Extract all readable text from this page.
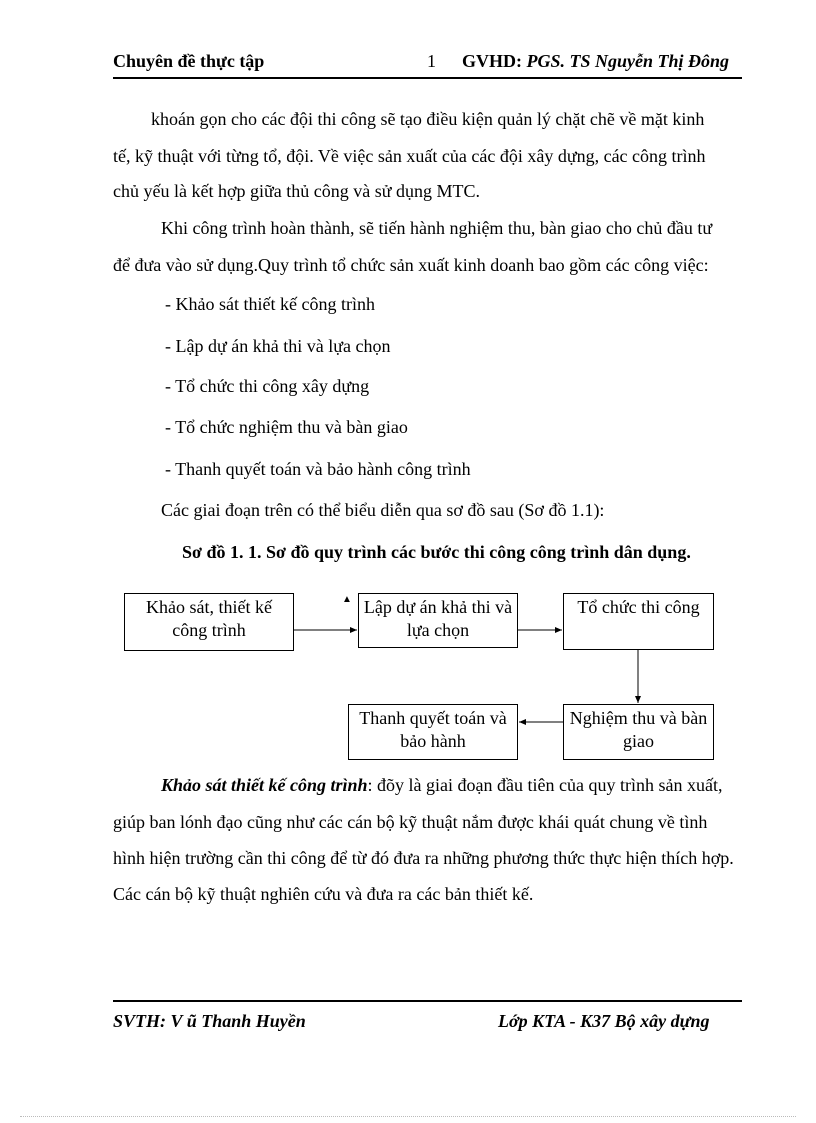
Chuyên đề thực tập	1 GVHD: PGS. TS Nguyễn Thị Đông
khoán gọn cho các đội thi công sẽ tạo điều kiện quản lý chặt chẽ về mặt kinh
tế, kỹ thuật với từng tổ, đội. Về việc sản xuất của các đội xây dựng, các công trình
chủ yếu là kết hợp giữa thủ công và sử dụng MTC.
Khi công trình hoàn thành, sẽ tiến hành nghiệm thu, bàn giao cho chủ đầu tư
để đưa vào sử dụng.Quy trình tổ chức sản xuất kinh doanh bao gồm các công việc:
- Khảo sát thiết kế công trình
- Lập dự án khả thi và lựa chọn
- Tổ chức thi công xây dựng
- Tổ chức nghiệm thu và bàn giao
- Thanh quyết toán và bảo hành công trình
Các giai đoạn trên có thể biểu diễn qua sơ đồ sau (Sơ đồ 1.1):
Sơ đồ 1. 1. Sơ đồ quy trình các bước thi công công trình dân dụng.
Khảo sát, thiết kế
công trình
Lập dự án khả thi và
lựa chọn
Tổ chức thi công
Nghiệm thu và bàn
giao
Thanh quyết toán và
bảo hành
▲
Khảo sát thiết kế công trình: đõy là giai đoạn đầu tiên của quy trình sản xuất,
giúp ban lónh đạo cũng như các cán bộ kỹ thuật nắm được khái quát chung về tình
hình hiện trường cần thi công để từ đó đưa ra những phương thức thực hiện thích hợp.
Các cán bộ kỹ thuật nghiên cứu và đưa ra các bản thiết kế.
SVTH: V ũ Thanh Huyền	Lớp KTA - K37 Bộ xây dựng
